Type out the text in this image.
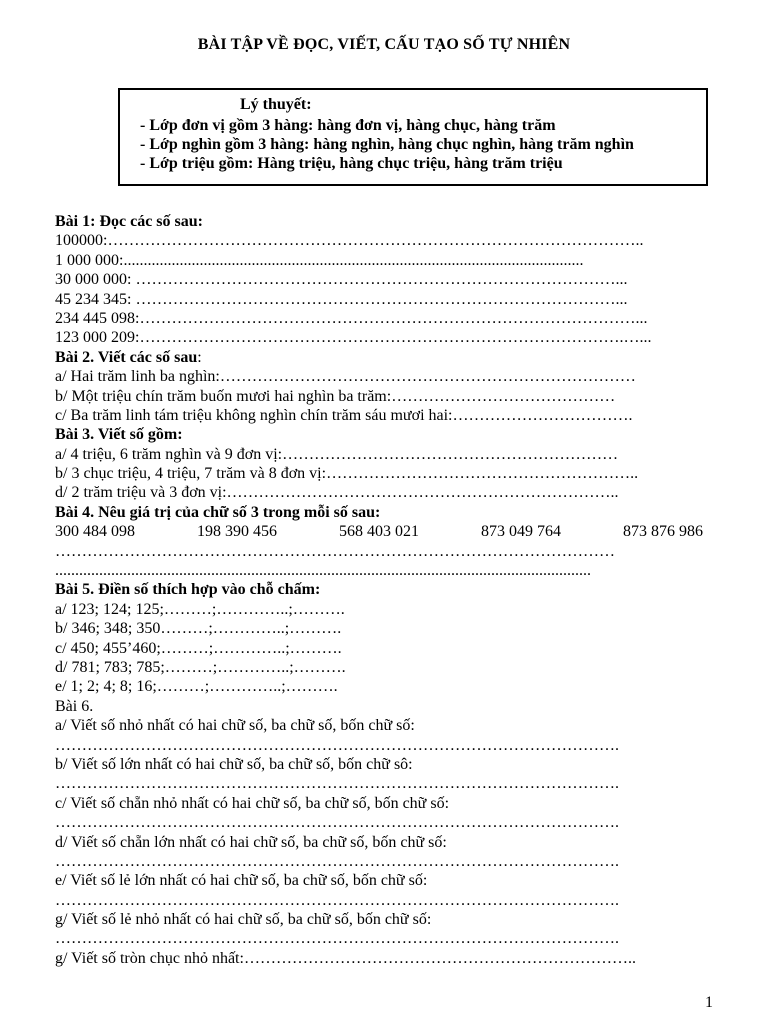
BÀI TẬP VỀ ĐỌC, VIẾT, CẤU TẠO SỐ TỰ NHIÊN
Lý thuyết:
- Lớp đơn vị gồm 3 hàng: hàng đơn vị, hàng chục, hàng trăm
- Lớp nghìn gồm 3 hàng: hàng nghìn, hàng chục nghìn, hàng trăm nghìn
- Lớp triệu gồm: Hàng triệu, hàng chục triệu, hàng trăm triệu
Bài 1: Đọc các số sau:
100000:………………………………………………………………………………………..
1 000 000:...................................................................................................................
30 000 000: ………………………………………………………………………………...
45 234 345: ………………………………………………………………………………...
234 445 098:…………………………………………………………………………………...
123 000 209:……………………………………………………………………………….…...
Bài 2. Viết các số sau:
a/ Hai trăm linh ba nghìn:……………………………………………………………………
b/ Một triệu chín trăm buốn mươi hai nghìn ba trăm:……………………………………
c/ Ba trăm linh tám triệu không nghìn chín trăm sáu mươi hai:…………………………….
Bài 3. Viết số gồm:
a/ 4 triệu, 6 trăm nghìn và 9 đơn vị:………………………………………………………
b/ 3 chục triệu, 4 triệu, 7 trăm và 8 đơn vị:…………………………………………………..
d/ 2 trăm triệu và 3 đơn vị:………………………………………………………………..
Bài 4. Nêu giá trị của chữ số 3 trong mỗi số sau:
300 484 098	198 390 456	568 403 021	873 049 764	873 876 986
……………………………………………………………………………………………
......................................................................................................................................
Bài 5. Điền số thích hợp vào chỗ chấm:
a/ 123; 124; 125;………;…………..;……….
b/ 346; 348; 350………;…………..;……….
c/ 450; 455’460;………;…………..;……….
d/ 781; 783; 785;………;…………..;……….
e/ 1; 2; 4; 8; 16;………;…………..;……….
Bài 6.
a/ Viết số nhỏ nhất có hai chữ số, ba chữ số, bốn chữ số:
…………………………………………………………………………………………….
b/ Viết số lớn nhất có hai chữ số, ba chữ số, bốn chữ sô:
…………………………………………………………………………………………….
c/ Viết số chẵn nhỏ nhất có hai chữ số, ba chữ số, bốn chữ số:
…………………………………………………………………………………………….
d/ Viết số chẵn lớn nhất có hai chữ số, ba chữ số, bốn chữ số:
…………………………………………………………………………………………….
e/ Viết số lẻ lớn nhất có hai chữ số, ba chữ số, bốn chữ số:
…………………………………………………………………………………………….
g/ Viết số lẻ nhỏ nhất có hai chữ số, ba chữ số, bốn chữ số:
…………………………………………………………………………………………….
g/ Viết số tròn chục nhỏ nhất:………………………………………………………………..
1
